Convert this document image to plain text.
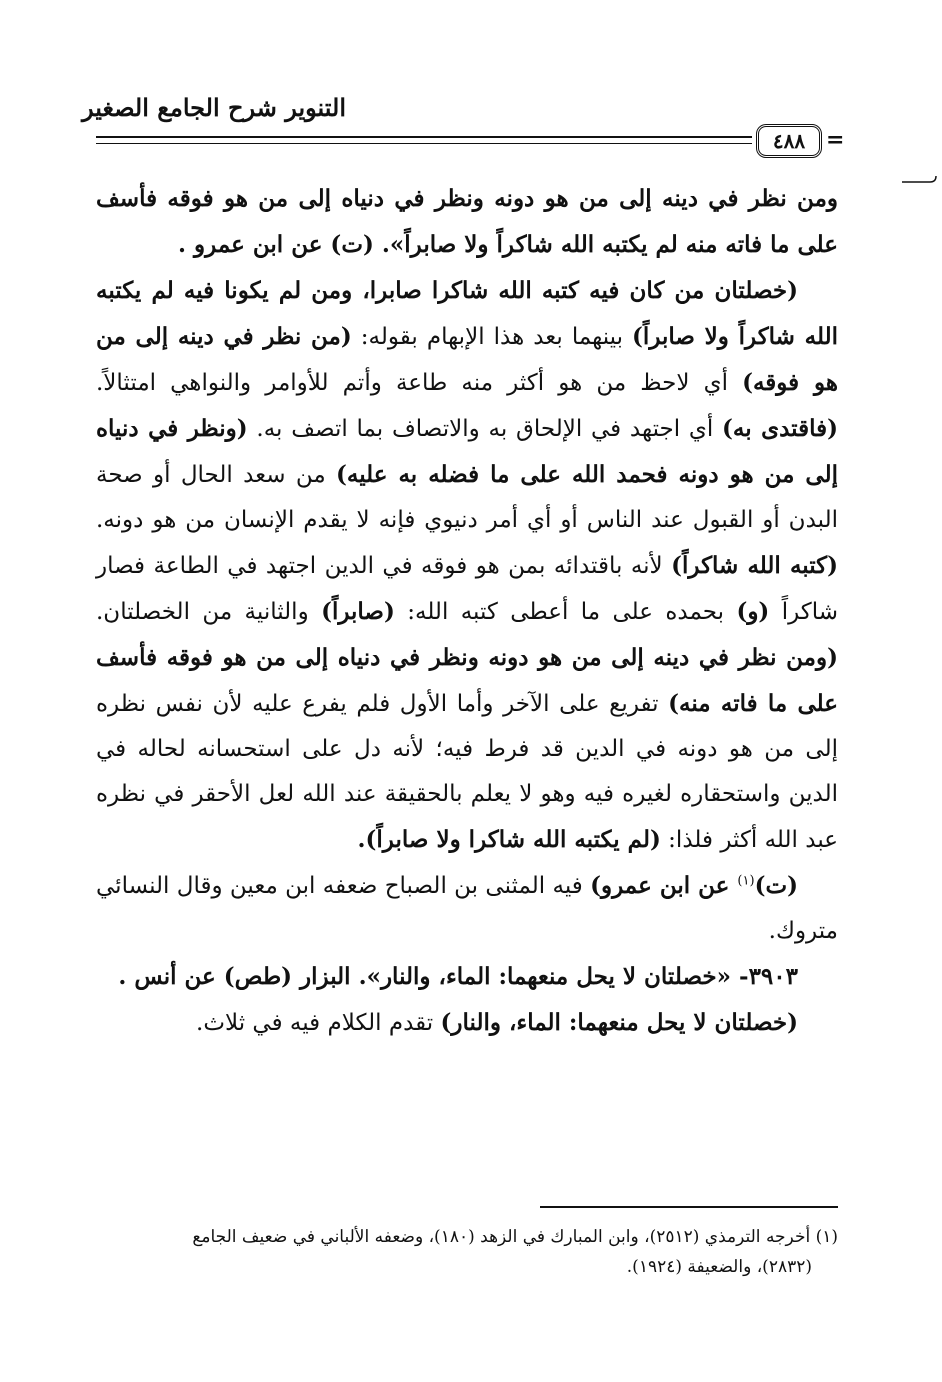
التنوير شرح الجامع الصغير
٤٨٨ =

ومن نظر في دينه إلى من هو دونه ونظر في دنياه إلى من هو فوقه فأسف على ما فاته منه لم يكتبه الله شاكراً ولا صابراً». (ت) عن ابن عمرو .

(خصلتان من كان فيه كتبه الله شاكرا صابرا، ومن لم يكونا فيه لم يكتبه الله شاكراً ولا صابراً) بينهما بعد هذا الإبهام بقوله: (من نظر في دينه إلى من هو فوقه) أي لاحظ من هو أكثر منه طاعة وأتم للأوامر والنواهي امتثالاً. (فاقتدى به) أي اجتهد في الإلحاق به والاتصاف بما اتصف به. (ونظر في دنياه إلى من هو دونه فحمد الله على ما فضله به عليه) من سعد الحال أو صحة البدن أو القبول عند الناس أو أي أمر دنيوي فإنه لا يقدم الإنسان من هو دونه. (كتبه الله شاكراً) لأنه باقتدائه بمن هو فوقه في الدين اجتهد في الطاعة فصار شاكراً (و) بحمده على ما أعطى كتبه الله: (صابراً) والثانية من الخصلتان. (ومن نظر في دينه إلى من هو دونه ونظر في دنياه إلى من هو فوقه فأسف على ما فاته منه) تفريع على الآخر وأما الأول فلم يفرع عليه لأن نفس نظره إلى من هو دونه في الدين قد فرط فيه؛ لأنه دل على استحسانه لحاله في الدين واستحقاره لغيره فيه وهو لا يعلم بالحقيقة عند الله لعل الأحقر في نظره عبد الله أكثر فلذا: (لم يكتبه الله شاكرا ولا صابراً).

(ت)$^{(١)}$ عن ابن عمرو) فيه المثنى بن الصباح ضعفه ابن معين وقال النسائي متروك.

٣٩٠٣- «خصلتان لا يحل منعهما: الماء، والنار». البزار (طص) عن أنس .

(خصلتان لا يحل منعهما: الماء، والنار) تقدم الكلام فيه في ثلاث.

(١) أخرجه الترمذي (٢٥١٢)، وابن المبارك في الزهد (١٨٠)، وضعفه الألباني في ضعيف الجامع

(٢٨٣٢)، والضعيفة (١٩٢٤).
